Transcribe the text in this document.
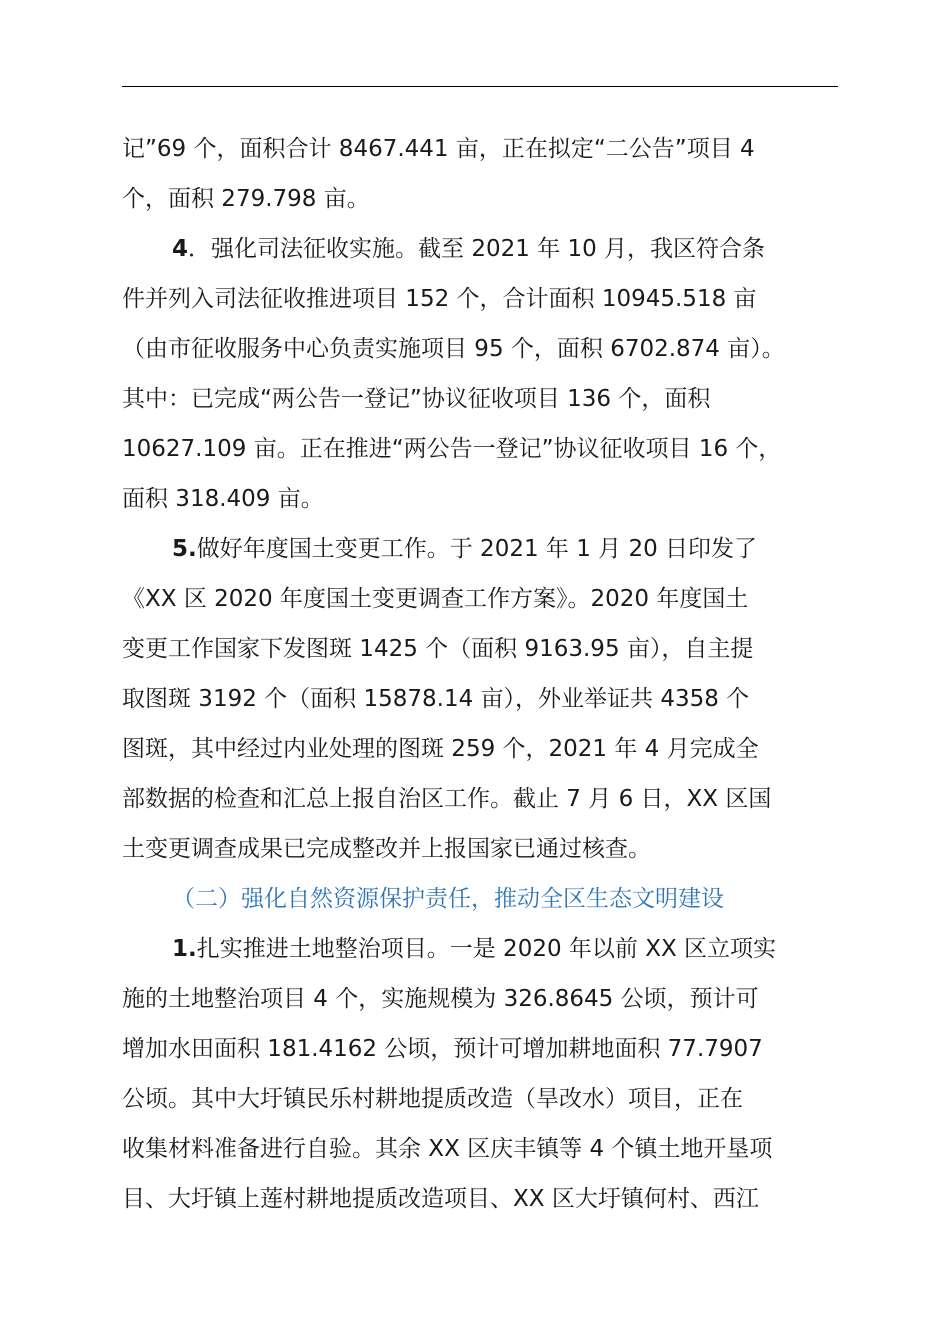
记”69 个，面积合计 8467.441 亩，正在拟定“二公告”项目 4
个，面积 279.798 亩。
4．强化司法征收实施。截至 2021 年 10 月，我区符合条
件并列入司法征收推进项目 152 个，合计面积 10945.518 亩
（由市征收服务中心负责实施项目 95 个，面积 6702.874 亩）。
其中：已完成“两公告一登记”协议征收项目 136 个，面积
10627.109 亩。正在推进“两公告一登记”协议征收项目 16 个，
面积 318.409 亩。
5.做好年度国土变更工作。于 2021 年 1 月 20 日印发了
《XX 区 2020 年度国土变更调查工作方案》。2020 年度国土
变更工作国家下发图斑 1425 个（面积 9163.95 亩），自主提
取图斑 3192 个（面积 15878.14 亩），外业举证共 4358 个
图斑，其中经过内业处理的图斑 259 个，2021 年 4 月完成全
部数据的检查和汇总上报自治区工作。截止 7 月 6 日，XX 区国
土变更调查成果已完成整改并上报国家已通过核查。
（二）强化自然资源保护责任，推动全区生态文明建设
1.扎实推进土地整治项目。一是 2020 年以前 XX 区立项实
施的土地整治项目 4 个，实施规模为 326.8645 公顷，预计可
增加水田面积 181.4162 公顷，预计可增加耕地面积 77.7907
公顷。其中大圩镇民乐村耕地提质改造（旱改水）项目，正在
收集材料准备进行自验。其余 XX 区庆丰镇等 4 个镇土地开垦项
目、大圩镇上莲村耕地提质改造项目、XX 区大圩镇何村、西江
